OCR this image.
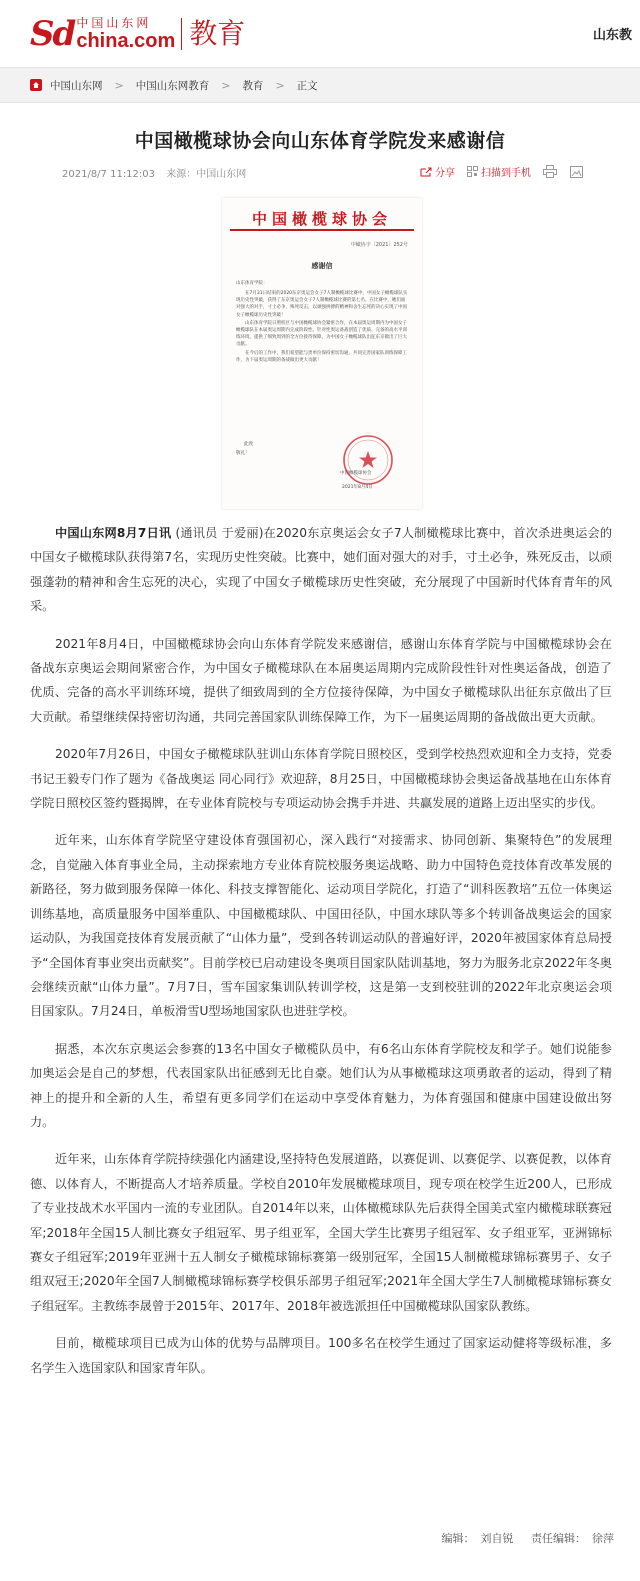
Sd 中国山东网
china.com 教育	山东教
中国山东网 > 中国山东网教育 > 教育 > 正文
中国橄榄球协会向山东体育学院发来感谢信
2021/8/7 11:12:03 来源：中国山东网	分享	扫描到手机
中国橄榄球协会
中橄协字〔2021〕252号
感谢信
山东体育学院：

在7月31日结束的2020东京奥运会女子7人制橄榄球比赛中，中国女子橄榄球队实现历史性突破，获得了东京奥运会女子7人制橄榄球比赛的第七名。在比赛中，她们面对强大的对手，寸土必争，殊死反击，以顽强拼搏的精神和舍生忘死的决心实现了中国女子橄榄球历史性突破！

山东体育学院日照校区与中国橄榄球协会紧密合作，在本届奥运周期内为中国女子橄榄球队在本届奥运周期内完成阶段性、针对性奥运备战创造了优质、完备的高水平训练环境，提供了细致周到的全方位接待保障，为中国女子橄榄球队出征东京做出了巨大贡献。

在今后的工作中，我们希望能与贵单位保持密切沟通，共同完善国家队训练保障工作，为下届奥运周期的备战做出更大贡献！

此致
敬礼！
中国橄榄球协会
2021年8月4日

中国山东网8月7日讯 (通讯员 于爱丽)在2020东京奥运会女子7人制橄榄球比赛中，首次杀进奥运会的中国女子橄榄球队获得第7名，实现历史性突破。比赛中，她们面对强大的对手，寸土必争，殊死反击，以顽强蓬勃的精神和舍生忘死的决心，实现了中国女子橄榄球历史性突破，充分展现了中国新时代体育青年的风采。

2021年8月4日，中国橄榄球协会向山东体育学院发来感谢信，感谢山东体育学院与中国橄榄球协会在备战东京奥运会期间紧密合作，为中国女子橄榄球队在本届奥运周期内完成阶段性针对性奥运备战，创造了优质、完备的高水平训练环境，提供了细致周到的全方位接待保障，为中国女子橄榄球队出征东京做出了巨大贡献。希望继续保持密切沟通，共同完善国家队训练保障工作，为下一届奥运周期的备战做出更大贡献。

2020年7月26日，中国女子橄榄球队驻训山东体育学院日照校区，受到学校热烈欢迎和全力支持，党委书记王毅专门作了题为《备战奥运 同心同行》欢迎辞，8月25日，中国橄榄球协会奥运备战基地在山东体育学院日照校区签约暨揭牌，在专业体育院校与专项运动协会携手并进、共赢发展的道路上迈出坚实的步伐。

近年来，山东体育学院坚守建设体育强国初心，深入践行“对接需求、协同创新、集聚特色”的发展理念，自觉融入体育事业全局，主动探索地方专业体育院校服务奥运战略、助力中国特色竞技体育改革发展的新路径，努力做到服务保障一体化、科技支撑智能化、运动项目学院化，打造了“训科医教培”五位一体奥运训练基地，高质量服务中国举重队、中国橄榄球队、中国田径队，中国水球队等多个转训备战奥运会的国家运动队，为我国竞技体育发展贡献了“山体力量”，受到各转训运动队的普遍好评，2020年被国家体育总局授予“全国体育事业突出贡献奖”。目前学校已启动建设冬奥项目国家队陆训基地，努力为服务北京2022年冬奥会继续贡献“山体力量”。7月7日，雪车国家集训队转训学校，这是第一支到校驻训的2022年北京奥运会项目国家队。7月24日，单板滑雪U型场地国家队也进驻学校。

据悉，本次东京奥运会参赛的13名中国女子橄榄队员中，有6名山东体育学院校友和学子。她们说能参加奥运会是自己的梦想，代表国家队出征感到无比自豪。她们认为从事橄榄球这项勇敢者的运动，得到了精神上的提升和全新的人生，希望有更多同学们在运动中享受体育魅力，为体育强国和健康中国建设做出努力。

近年来，山东体育学院持续强化内涵建设,坚持特色发展道路，以赛促训、以赛促学、以赛促教，以体育德、以体育人，不断提高人才培养质量。学校自2010年发展橄榄球项目，现专项在校学生近200人，已形成了专业技战术水平国内一流的专业团队。自2014年以来，山体橄榄球队先后获得全国美式室内橄榄球联赛冠军;2018年全国15人制比赛女子组冠军、男子组亚军，全国大学生比赛男子组冠军、女子组亚军，亚洲锦标赛女子组冠军;2019年亚洲十五人制女子橄榄球锦标赛第一级别冠军，全国15人制橄榄球锦标赛男子、女子组双冠王;2020年全国7人制橄榄球锦标赛学校俱乐部男子组冠军;2021年全国大学生7人制橄榄球锦标赛女子组冠军。主教练李晟曾于2015年、2017年、2018年被选派担任中国橄榄球队国家队教练。

目前，橄榄球项目已成为山体的优势与品牌项目。100多名在校学生通过了国家运动健将等级标准，多名学生入选国家队和国家青年队。

编辑： 刘自锐 责任编辑： 徐萍
